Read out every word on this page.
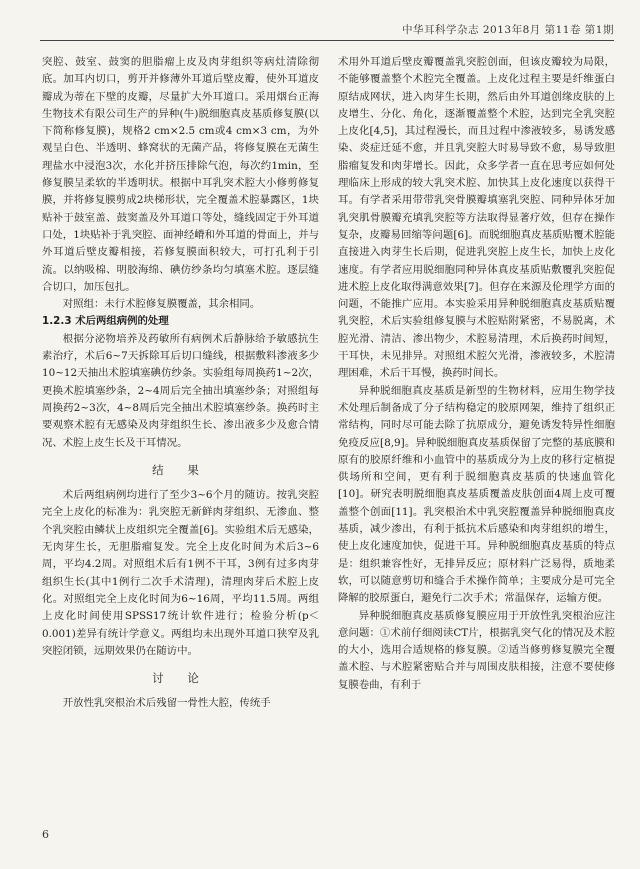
中华耳科学杂志 2013年8月 第11卷 第1期

突腔、鼓室、鼓窦的胆脂瘤上皮及肉芽组织等病灶清除彻底。加耳内切口，剪开并修薄外耳道后壁皮瓣，使外耳道皮瓣成为蒂在下壁的皮瓣，尽量扩大外耳道口。采用烟台正海生物技术有限公司生产的异种(牛)脱细胞真皮基质修复膜(以下简称修复膜)，规格2 cm×2.5 cm或4 cm×3 cm，为外观呈白色、半透明、蜂窝状的无菌产品，将修复膜在无菌生理盐水中浸泡3次，水化并挤压排除气泡，每次约1min，至修复膜呈柔软的半透明状。根据中耳乳突术腔大小修剪修复膜，并将修复膜剪成2块梯形状，完全覆盖术腔暴露区，1块贴补于鼓室盖、鼓窦盖及外耳道口等处，缝线固定于外耳道口处，1块贴补于乳突腔、面神经嵴和外耳道的骨面上，并与外耳道后壁皮瓣相接，若修复膜面积较大，可打孔利于引流。以纳吸棉、明胶海绵、碘仿纱条均匀填塞术腔。逐层缝合切口，加压包扎。

对照组：未行术腔修复膜覆盖，其余相同。

1.2.3 术后两组病例的处理

根据分泌物培养及药敏所有病例术后静脉给予敏感抗生素治疗，术后6~7天拆除耳后切口缝线，根据敷料渗液多少10~12天抽出术腔填塞碘仿纱条。实验组每周换药1~2次，更换术腔填塞纱条，2~4周后完全抽出填塞纱条；对照组每周换药2~3次，4~8周后完全抽出术腔填塞纱条。换药时主要观察术腔有无感染及肉芽组织生长、渗出液多少及愈合情况、术腔上皮生长及干耳情况。

结 果

术后两组病例均进行了至少3~6个月的随访。按乳突腔完全上皮化的标准为：乳突腔无新鲜肉芽组织、无渗血、整个乳突腔由鳞状上皮组织完全覆盖[6]。实验组术后无感染，无肉芽生长，无胆脂瘤复发。完全上皮化时间为术后3~6周，平均4.2周。对照组术后有1例不干耳，3例有过多肉芽组织生长(其中1例行二次手术清理)，清理肉芽后术腔上皮化。对照组完全上皮化时间为6~16周，平均11.5周。两组上皮化时间使用SPSS17统计软件进行；检验分析(p＜0.001)差异有统计学意义。两组均未出现外耳道口狭窄及乳突腔闭锁，远期效果仍在随访中。

讨 论

开放性乳突根治术后残留一骨性大腔，传统手

术用外耳道后壁皮瓣覆盖乳突腔创面，但该皮瓣较为局限，不能够覆盖整个术腔完全覆盖。上皮化过程主要是纤维蛋白原结成网状，进入肉芽生长期，然后由外耳道创缘皮肤的上皮增生、分化、角化，逐渐覆盖整个术腔，达到完全乳突腔上皮化[4,5]，其过程漫长，而且过程中渗液较多，易诱发感染、炎症迁延不愈，并且乳突腔大时易导致不愈，易导致胆脂瘤复发和肉芽增长。因此，众多学者一直在思考应如何处理临床上形成的较大乳突术腔、加快其上皮化速度以获得干耳。有学者采用带带乳突骨膜瓣填塞乳突腔、同种异体牙加乳突肌骨膜瓣充填乳突腔等方法取得显著疗效，但存在操作复杂，皮瓣易回缩等问题[6]。而脱细胞真皮基质贴覆术腔能直接进入肉芽生长后期，促进乳突腔上皮生长，加快上皮化速度。有学者应用脱细胞同种异体真皮基质贴敷覆乳突腔促进术腔上皮化取得满意效果[7]。但存在来源及伦理学方面的问题，不能推广应用。本实验采用异种脱细胞真皮基质贴覆乳突腔，术后实验组修复膜与术腔贴附紧密，不易脱离，术腔光滑、清洁、渗出物少，术腔易清理，术后换药时间短，干耳快，未见排异。对照组术腔欠光滑，渗液较多，术腔清理困难，术后干耳慢，换药时间长。

异种脱细胞真皮基质是新型的生物材料，应用生物学技术处理后制备成了分子结构稳定的胶原网架，维持了组织正常结构，同时尽可能去除了抗原成分，避免诱发特异性细胞免疫反应[8,9]。异种脱细胞真皮基质保留了完整的基底膜和原有的胶原纤维和小血管中的基质成分为上皮的移行定植提供场所和空间，更有利于脱细胞真皮基质的快速血管化[10]。研究表明脱细胞真皮基质覆盖皮肤创面4周上皮可覆盖整个创面[11]。乳突根治术中乳突腔覆盖异种脱细胞真皮基质，减少渗出，有利于抵抗术后感染和肉芽组织的增生，使上皮化速度加快，促进干耳。异种脱细胞真皮基质的特点是：组织兼容性好，无排异反应；原材料广泛易得，质地柔软，可以随意剪切和缝合手术操作简单；主要成分是可完全降解的胶原蛋白，避免行二次手术；常温保存，运输方便。

异种脱细胞真皮基质修复膜应用于开放性乳突根治应注意问题：①术前仔细阅读CT片，根据乳突气化的情况及术腔的大小，选用合适规格的修复膜。②适当修剪修复膜完全覆盖术腔、与术腔紧密贴合并与周围皮肤相接，注意不要使修复膜卷曲，有利于

6
